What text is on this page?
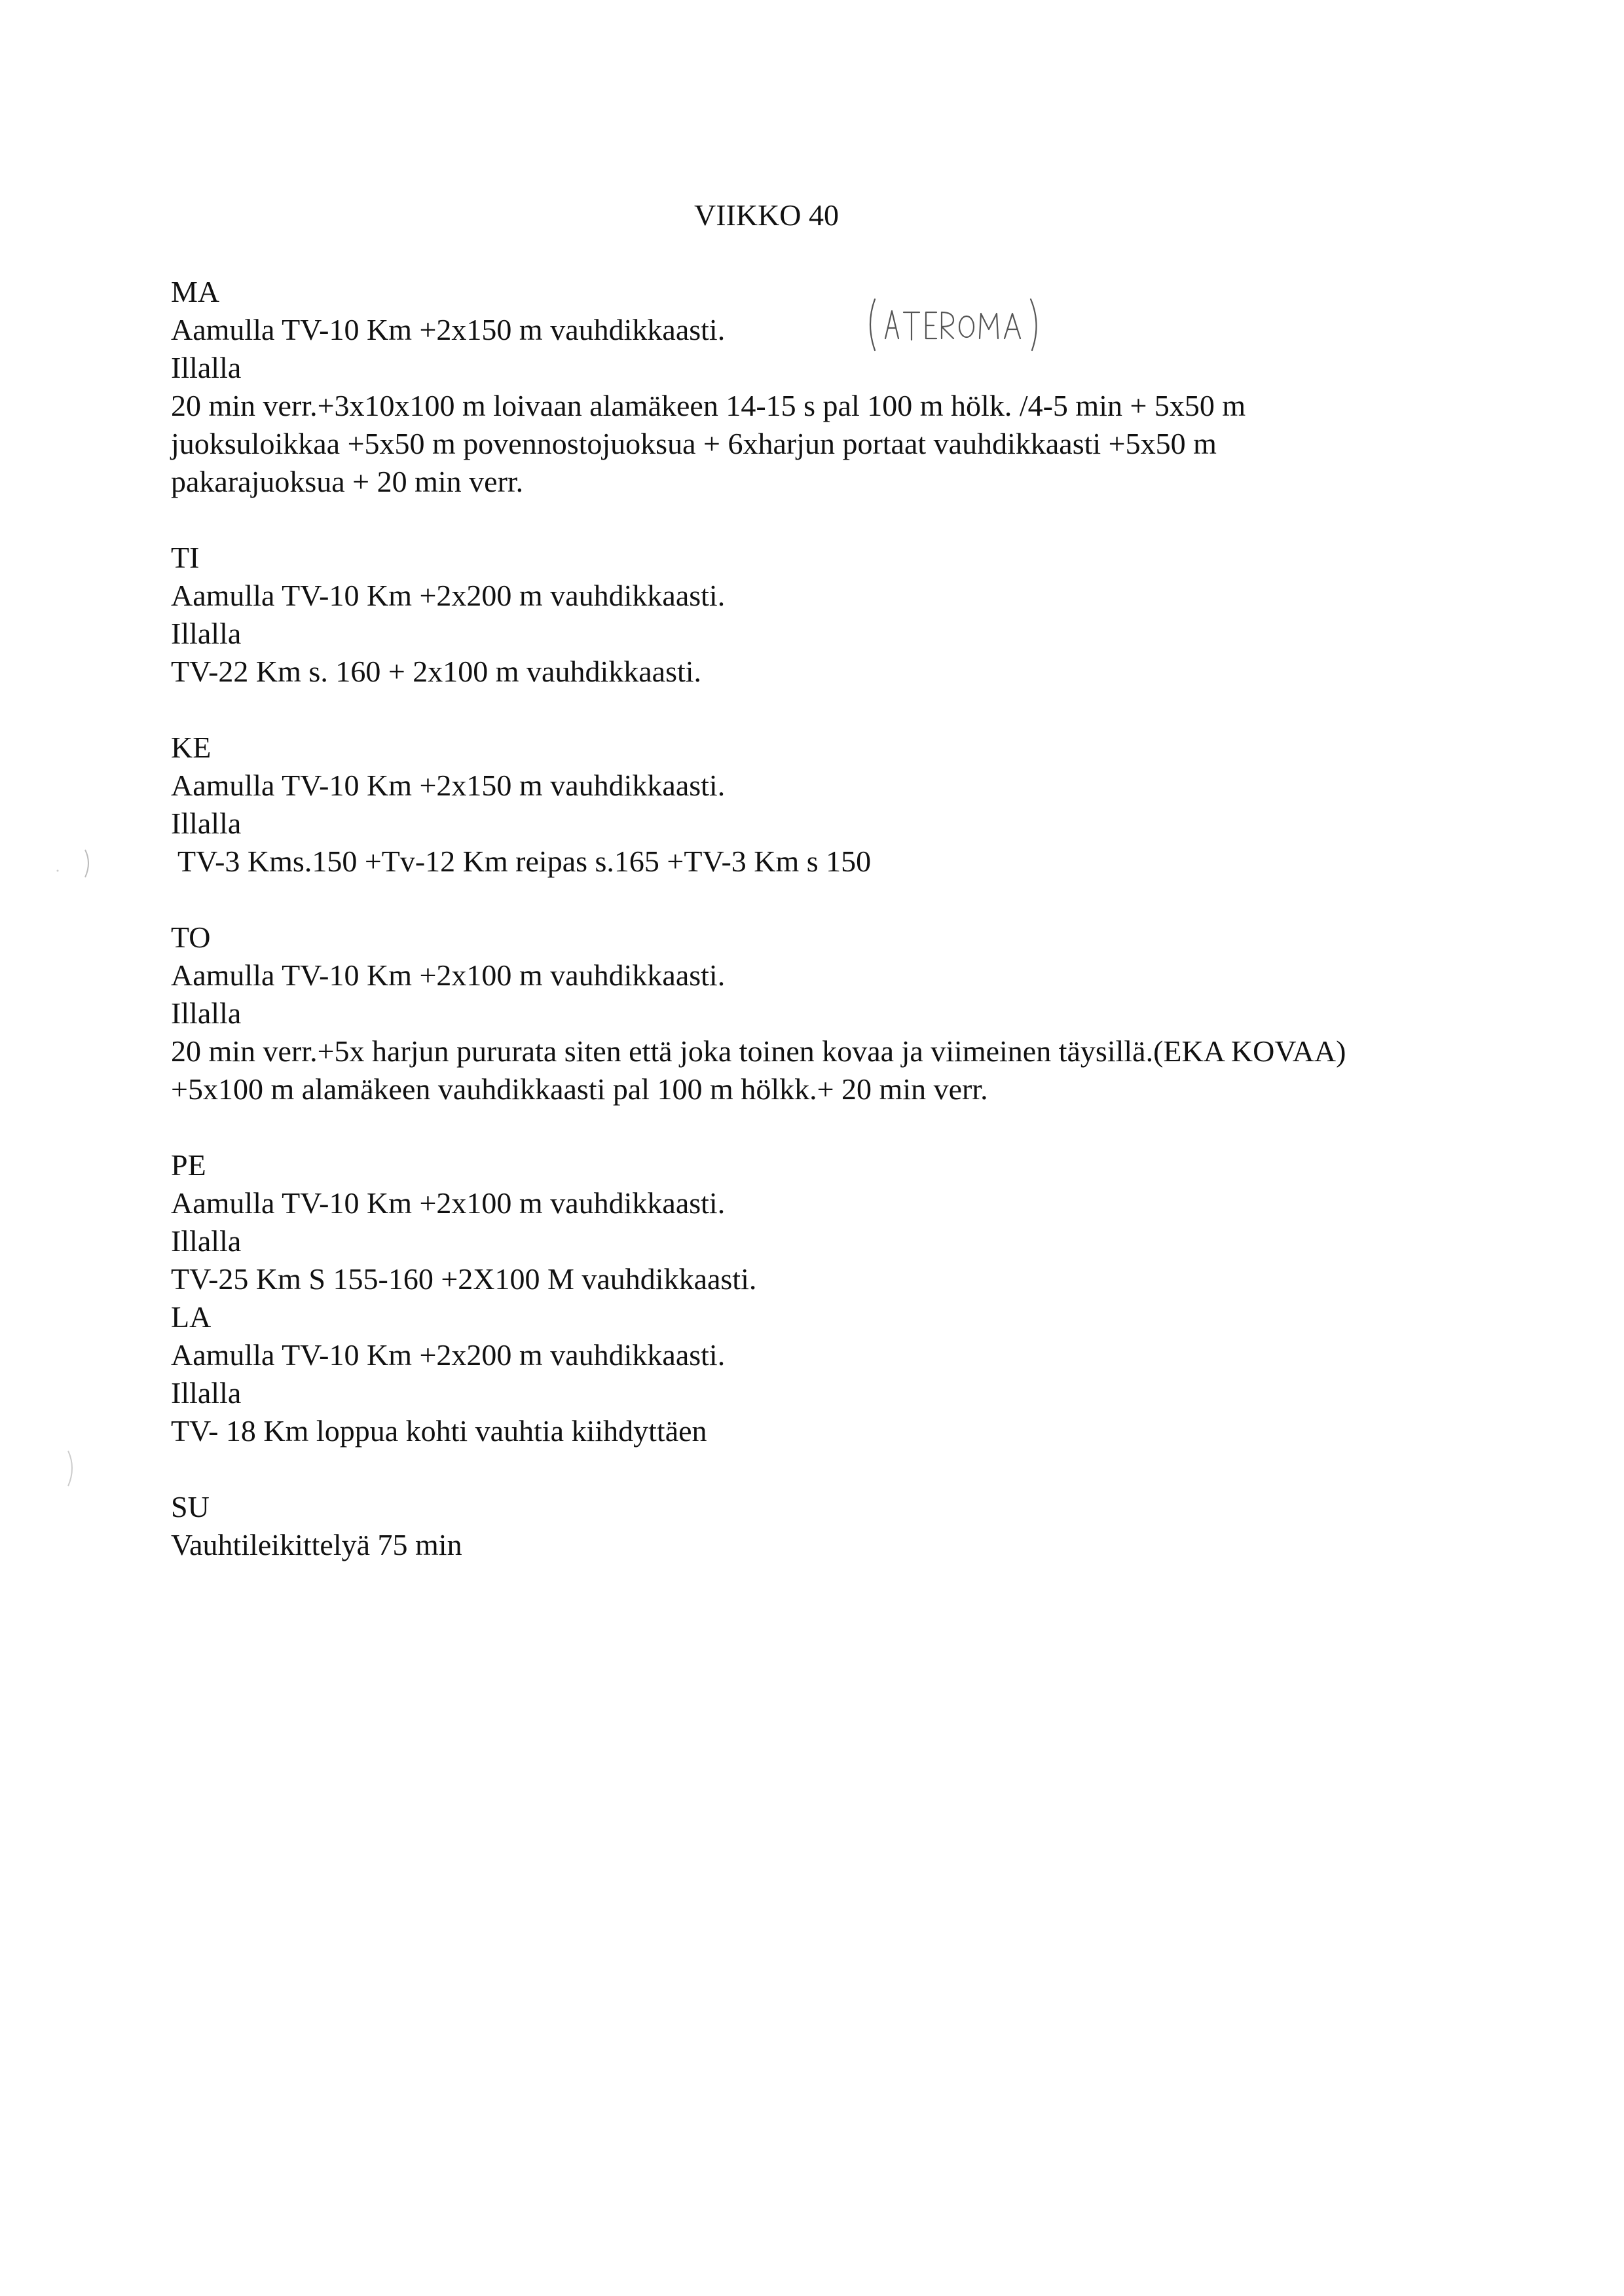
VIIKKO 40
MA
Aamulla TV-10 Km +2x150 m vauhdikkaasti.
Illalla
20 min verr.+3x10x100 m loivaan alamäkeen 14-15 s pal 100 m hölk. /4-5 min + 5x50 m
juoksuloikkaa +5x50 m povennostojuoksua + 6xharjun portaat vauhdikkaasti +5x50 m
pakarajuoksua + 20 min verr.
TI
Aamulla TV-10 Km +2x200 m vauhdikkaasti.
Illalla
TV-22 Km s. 160 + 2x100 m vauhdikkaasti.
KE
Aamulla TV-10 Km +2x150 m vauhdikkaasti.
Illalla
TV-3 Kms.150 +Tv-12 Km reipas s.165 +TV-3 Km s 150
TO
Aamulla TV-10 Km +2x100 m vauhdikkaasti.
Illalla
20 min verr.+5x harjun pururata siten että joka toinen kovaa ja viimeinen täysillä.(EKA KOVAA)
+5x100 m alamäkeen vauhdikkaasti pal 100 m hölkk.+ 20 min verr.
PE
Aamulla TV-10 Km +2x100 m vauhdikkaasti.
Illalla
TV-25 Km S 155-160 +2X100 M vauhdikkaasti.
LA
Aamulla TV-10 Km +2x200 m vauhdikkaasti.
Illalla
TV- 18 Km loppua kohti vauhtia kiihdyttäen
SU
Vauhtileikittelyä 75 min
